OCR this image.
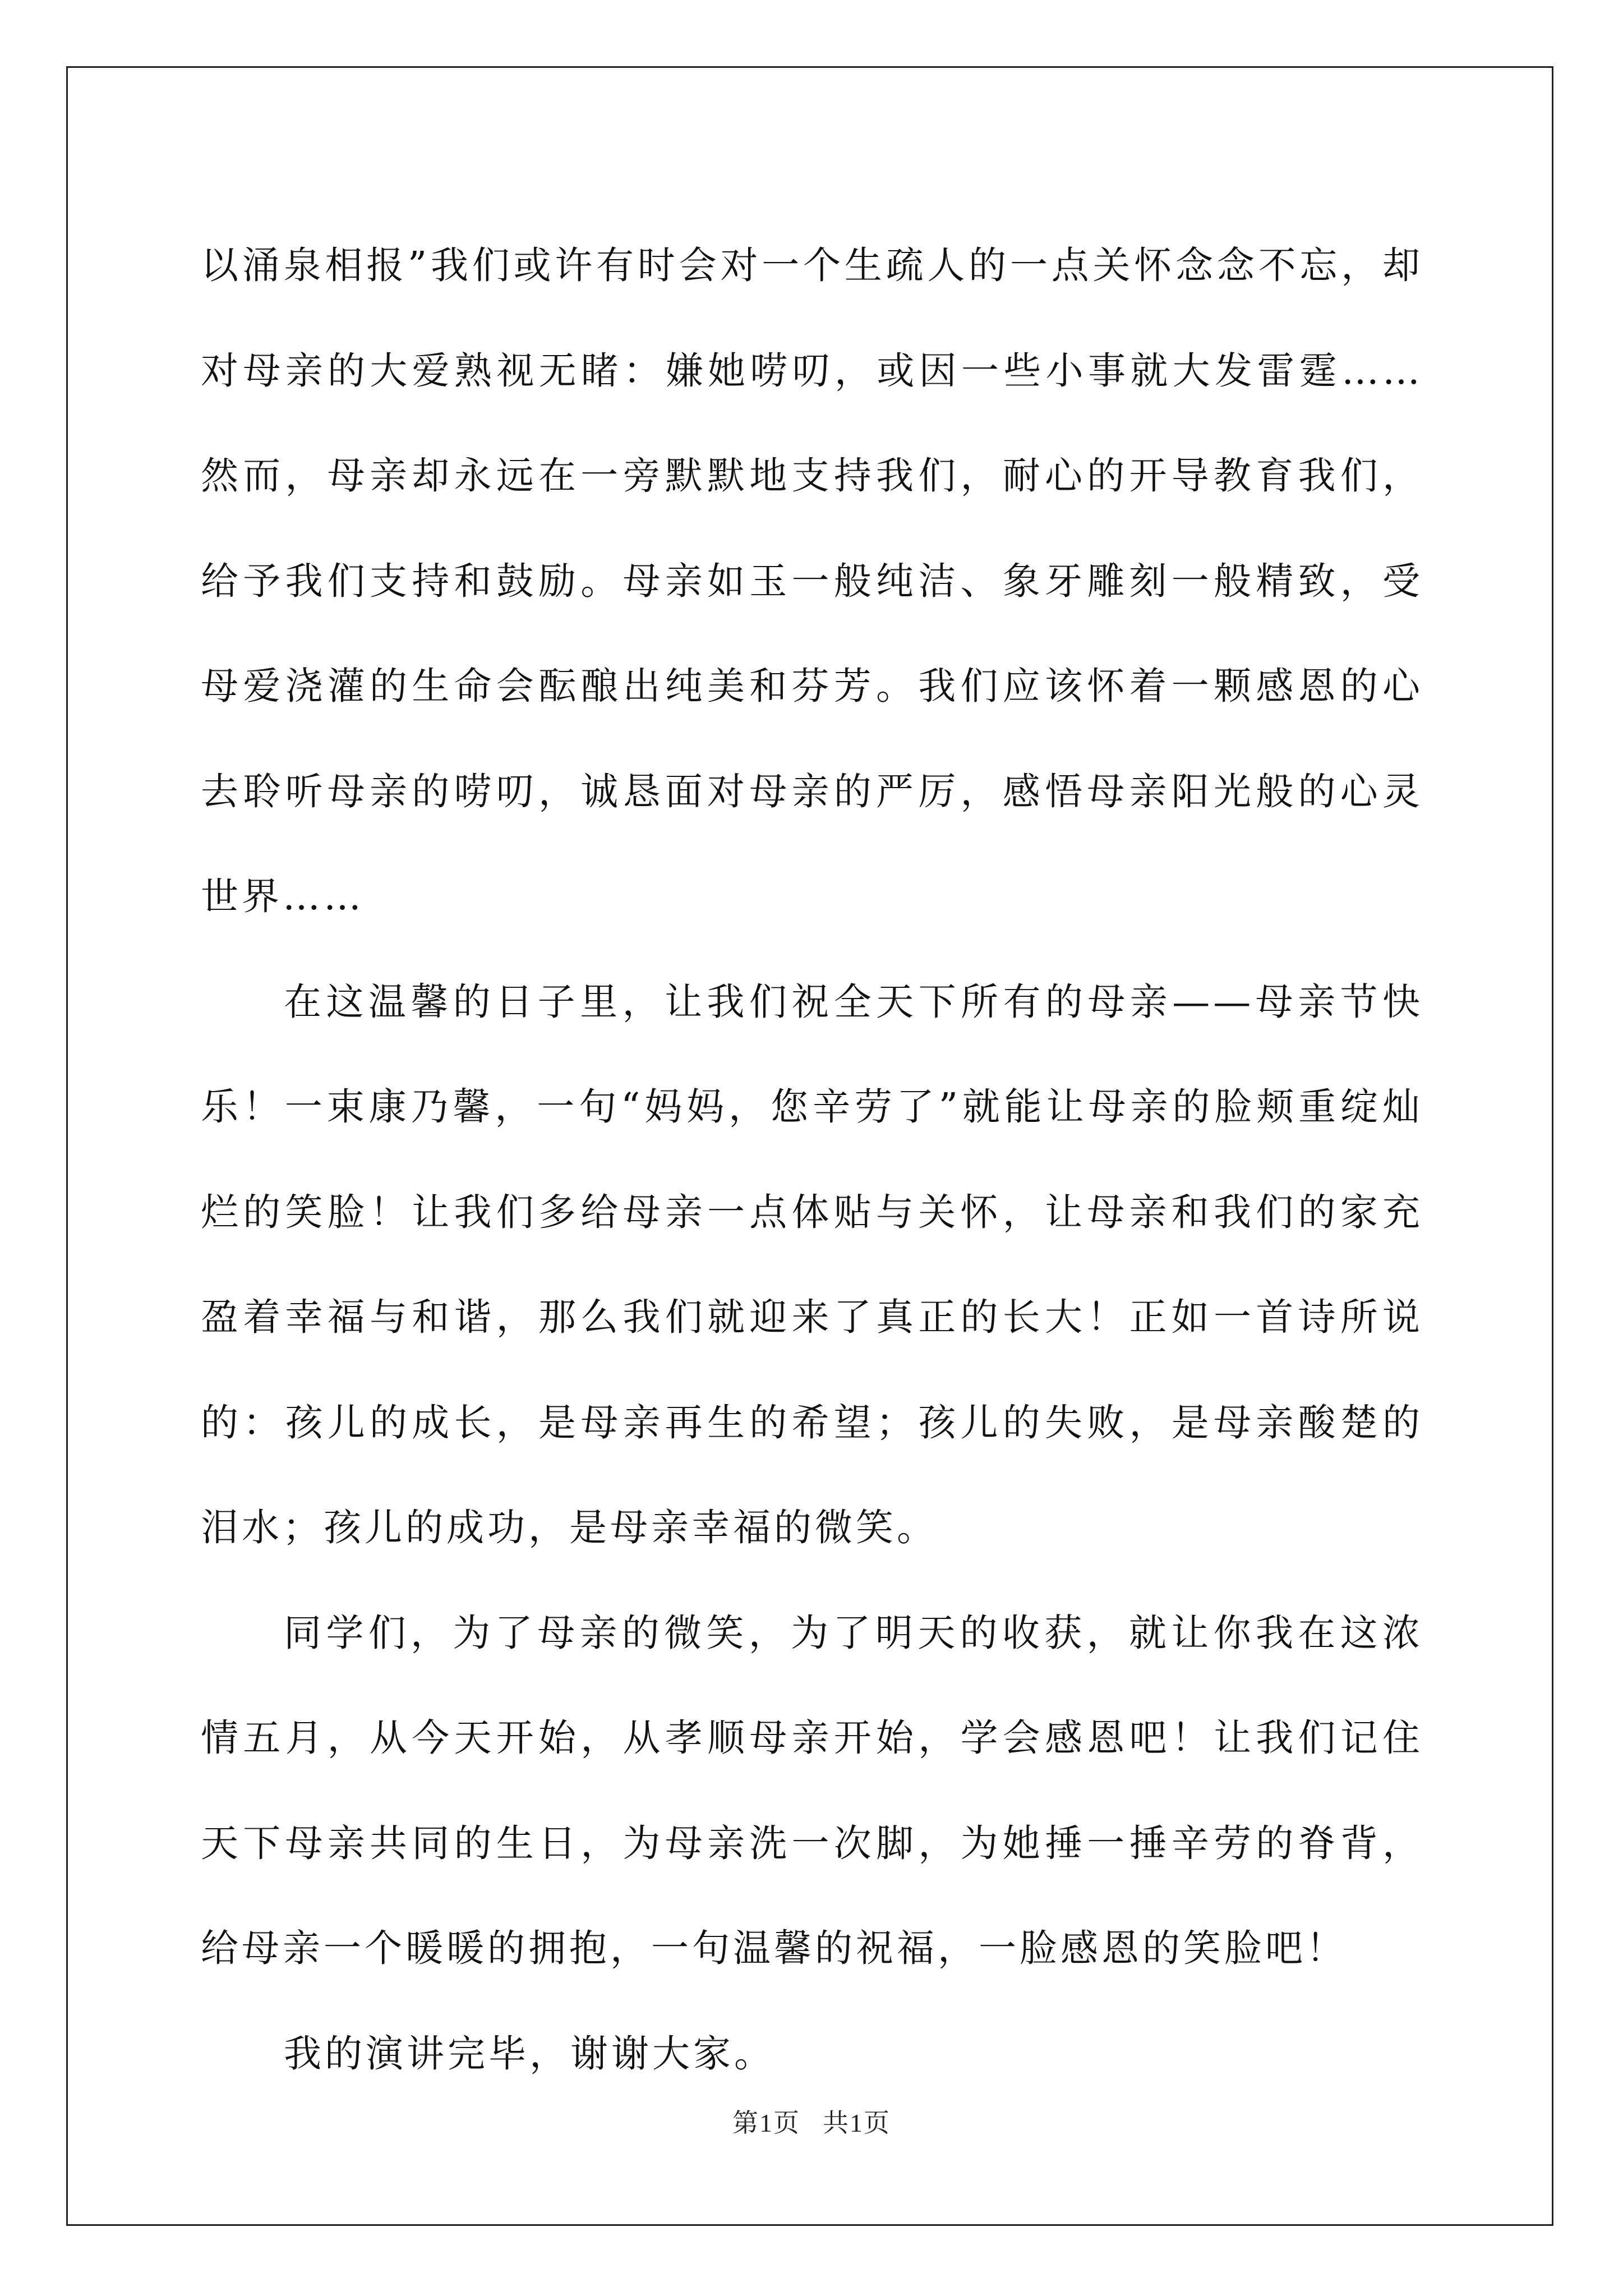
以涌泉相报”我们或许有时会对一个生疏人的一点关怀念念不忘，却对母亲的大爱熟视无睹：嫌她唠叨，或因一些小事就大发雷霆……然而，母亲却永远在一旁默默地支持我们，耐心的开导教育我们，给予我们支持和鼓励。母亲如玉一般纯洁、象牙雕刻一般精致，受母爱浇灌的生命会酝酿出纯美和芬芳。我们应该怀着一颗感恩的心去聆听母亲的唠叨，诚恳面对母亲的严厉，感悟母亲阳光般的心灵世界……

在这温馨的日子里，让我们祝全天下所有的母亲——母亲节快乐！一束康乃馨，一句“妈妈，您辛劳了”就能让母亲的脸颊重绽灿烂的笑脸！让我们多给母亲一点体贴与关怀，让母亲和我们的家充盈着幸福与和谐，那么我们就迎来了真正的长大！正如一首诗所说的：孩儿的成长，是母亲再生的希望；孩儿的失败，是母亲酸楚的泪水；孩儿的成功，是母亲幸福的微笑。

同学们，为了母亲的微笑，为了明天的收获，就让你我在这浓情五月，从今天开始，从孝顺母亲开始，学会感恩吧！让我们记住天下母亲共同的生日，为母亲洗一次脚，为她捶一捶辛劳的脊背，给母亲一个暖暖的拥抱，一句温馨的祝福，一脸感恩的笑脸吧！

我的演讲完毕，谢谢大家。

第1页 共1页
